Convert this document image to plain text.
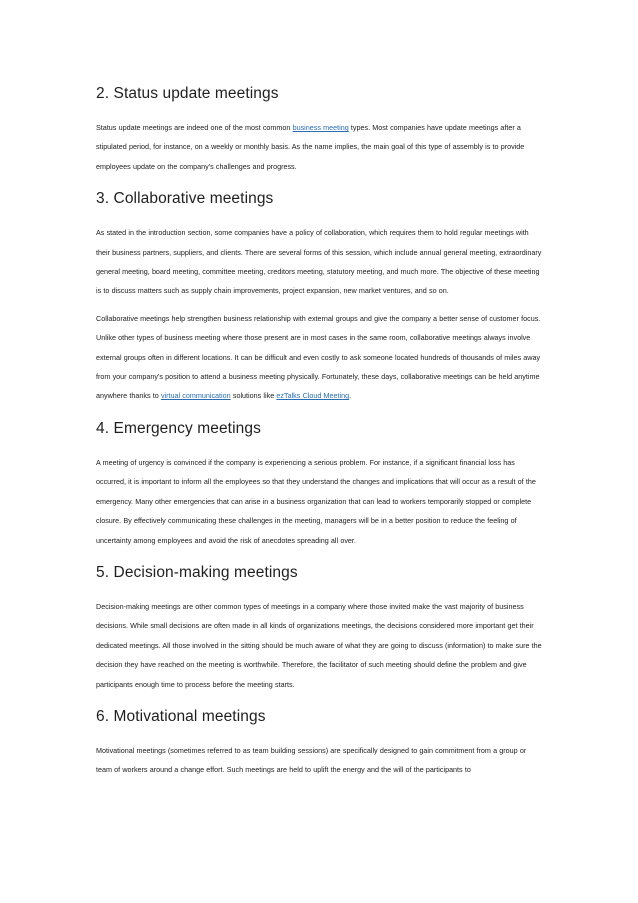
2. Status update meetings

Status update meetings are indeed one of the most common business meeting types. Most companies have update meetings after a stipulated period, for instance, on a weekly or monthly basis. As the name implies, the main goal of this type of assembly is to provide employees update on the company’s challenges and progress.

3. Collaborative meetings

As stated in the introduction section, some companies have a policy of collaboration, which requires them to hold regular meetings with their business partners, suppliers, and clients. There are several forms of this session, which include annual general meeting, extraordinary general meeting, board meeting, committee meeting, creditors meeting, statutory meeting, and much more. The objective of these meeting is to discuss matters such as supply chain improvements, project expansion, new market ventures, and so on.

Collaborative meetings help strengthen business relationship with external groups and give the company a better sense of customer focus. Unlike other types of business meeting where those present are in most cases in the same room, collaborative meetings always involve external groups often in different locations. It can be difficult and even costly to ask someone located hundreds of thousands of miles away from your company’s position to attend a business meeting physically. Fortunately, these days, collaborative meetings can be held anytime anywhere thanks to virtual communication solutions like ezTalks Cloud Meeting.

4. Emergency meetings

A meeting of urgency is convinced if the company is experiencing a serious problem. For instance, if a significant financial loss has occurred, it is important to inform all the employees so that they understand the changes and implications that will occur as a result of the emergency. Many other emergencies that can arise in a business organization that can lead to workers temporarily stopped or complete closure. By effectively communicating these challenges in the meeting, managers will be in a better position to reduce the feeling of uncertainty among employees and avoid the risk of anecdotes spreading all over.

5. Decision-making meetings

Decision-making meetings are other common types of meetings in a company where those invited make the vast majority of business decisions. While small decisions are often made in all kinds of organizations meetings, the decisions considered more important get their dedicated meetings. All those involved in the sitting should be much aware of what they are going to discuss (information) to make sure the decision they have reached on the meeting is worthwhile. Therefore, the facilitator of such meeting should define the problem and give participants enough time to process before the meeting starts.

6. Motivational meetings

Motivational meetings (sometimes referred to as team building sessions) are specifically designed to gain commitment from a group or team of workers around a change effort. Such meetings are held to uplift the energy and the will of the participants to
